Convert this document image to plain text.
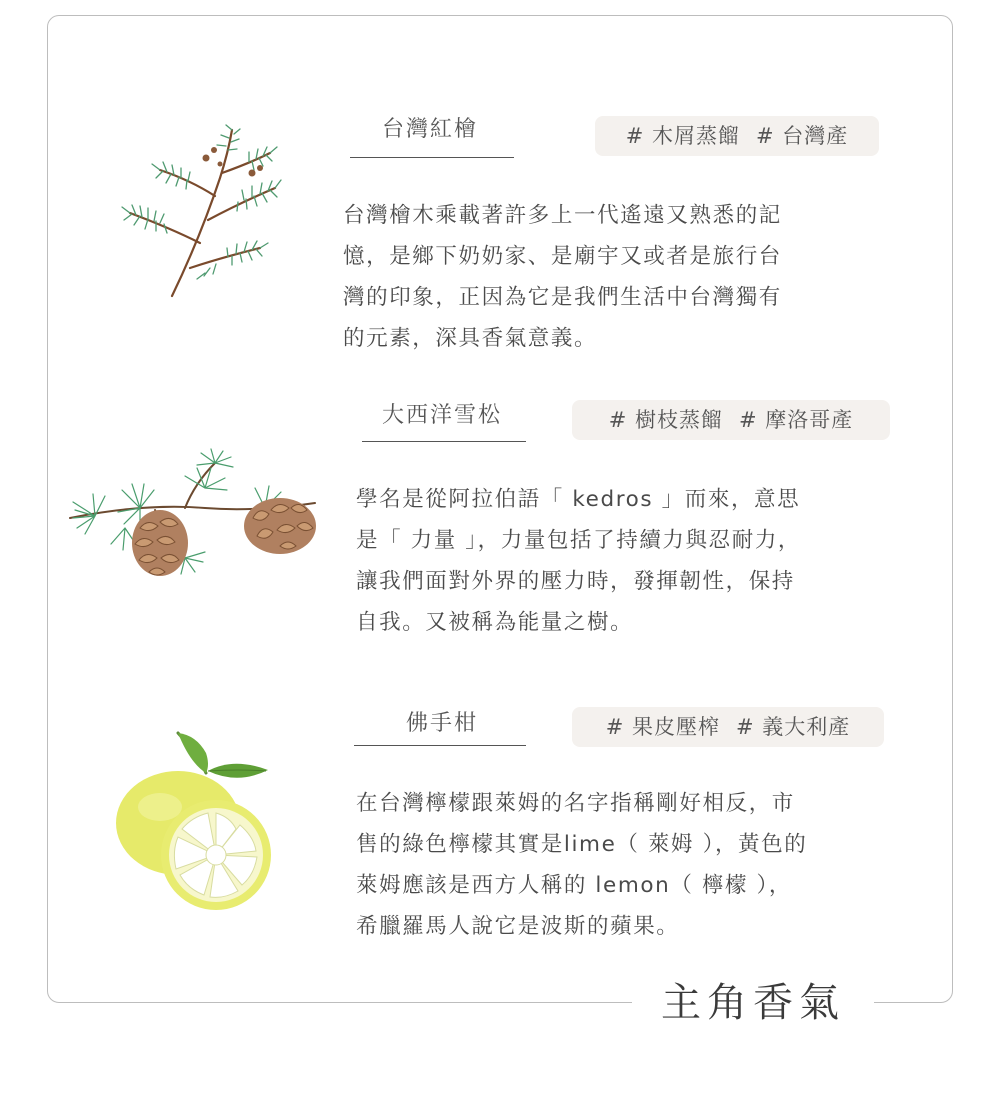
台灣紅檜	# 木屑蒸餾 # 台灣產
台灣檜木乘載著許多上一代遙遠又熟悉的記
憶，是鄉下奶奶家、是廟宇又或者是旅行台
灣的印象，正因為它是我們生活中台灣獨有
的元素，深具香氣意義。
大西洋雪松	# 樹枝蒸餾 # 摩洛哥產
學名是從阿拉伯語「 kedros 」而來，意思
是「 力量 」，力量包括了持續力與忍耐力，
讓我們面對外界的壓力時，發揮韌性，保持
自我。又被稱為能量之樹。
佛手柑	# 果皮壓榨 # 義大利產
在台灣檸檬跟萊姆的名字指稱剛好相反，市
售的綠色檸檬其實是lime（ 萊姆 ），黃色的
萊姆應該是西方人稱的 lemon（ 檸檬 ），
希臘羅馬人說它是波斯的蘋果。
主角香氣
